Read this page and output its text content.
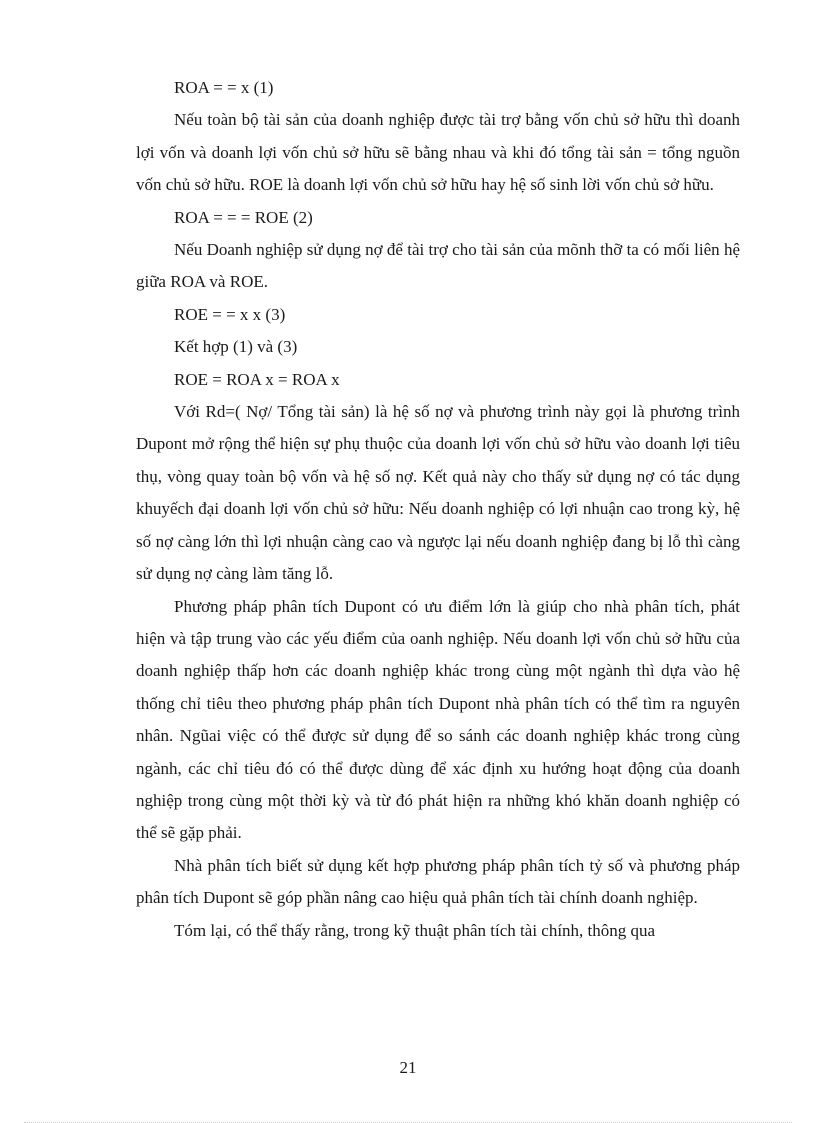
ROA = = x (1)

Nếu toàn bộ tài sản của doanh nghiệp được tài trợ bằng vốn chủ sở hữu thì doanh lợi vốn và doanh lợi vốn chủ sở hữu sẽ bằng nhau và khi đó tổng tài sản = tổng nguồn vốn chủ sở hữu. ROE là doanh lợi vốn chủ sở hữu hay hệ số sinh lời vốn chủ sở hữu.

ROA = = = ROE (2)

Nếu Doanh nghiệp sử dụng nợ để tài trợ cho tài sản của mõnh thỡ ta có mối liên hệ giữa ROA và ROE.

ROE = = x x (3)

Kết hợp (1) và (3)

ROE = ROA x = ROA x

Với Rd=( Nợ/ Tổng tài sản) là hệ số nợ và phương trình này gọi là phương trình Dupont mở rộng thể hiện sự phụ thuộc của doanh lợi vốn chủ sở hữu vào doanh lợi tiêu thụ, vòng quay toàn bộ vốn và hệ số nợ. Kết quả này cho thấy sử dụng nợ có tác dụng khuyếch đại doanh lợi vốn chủ sở hữu: Nếu doanh nghiệp có lợi nhuận cao trong kỳ, hệ số nợ càng lớn thì lợi nhuận càng cao và ngược lại nếu doanh nghiệp đang bị lỗ thì càng sử dụng nợ càng làm tăng lỗ.

Phương pháp phân tích Dupont có ưu điểm lớn là giúp cho nhà phân tích, phát hiện và tập trung vào các yếu điểm của oanh nghiệp. Nếu doanh lợi vốn chủ sở hữu của doanh nghiệp thấp hơn các doanh nghiệp khác trong cùng một ngành thì dựa vào hệ thống chỉ tiêu theo phương pháp phân tích Dupont nhà phân tích có thể tìm ra nguyên nhân. Ngũai việc có thể được sử dụng để so sánh các doanh nghiệp khác trong cùng ngành, các chỉ tiêu đó có thể được dùng để xác định xu hướng hoạt động của doanh nghiệp trong cùng một thời kỳ và từ đó phát hiện ra những khó khăn doanh nghiệp có thể sẽ gặp phải.

Nhà phân tích biết sử dụng kết hợp phương pháp phân tích tỷ số và phương pháp phân tích Dupont sẽ góp phần nâng cao hiệu quả phân tích tài chính doanh nghiệp.

Tóm lại, có thể thấy rằng, trong kỹ thuật phân tích tài chính, thông qua

21
